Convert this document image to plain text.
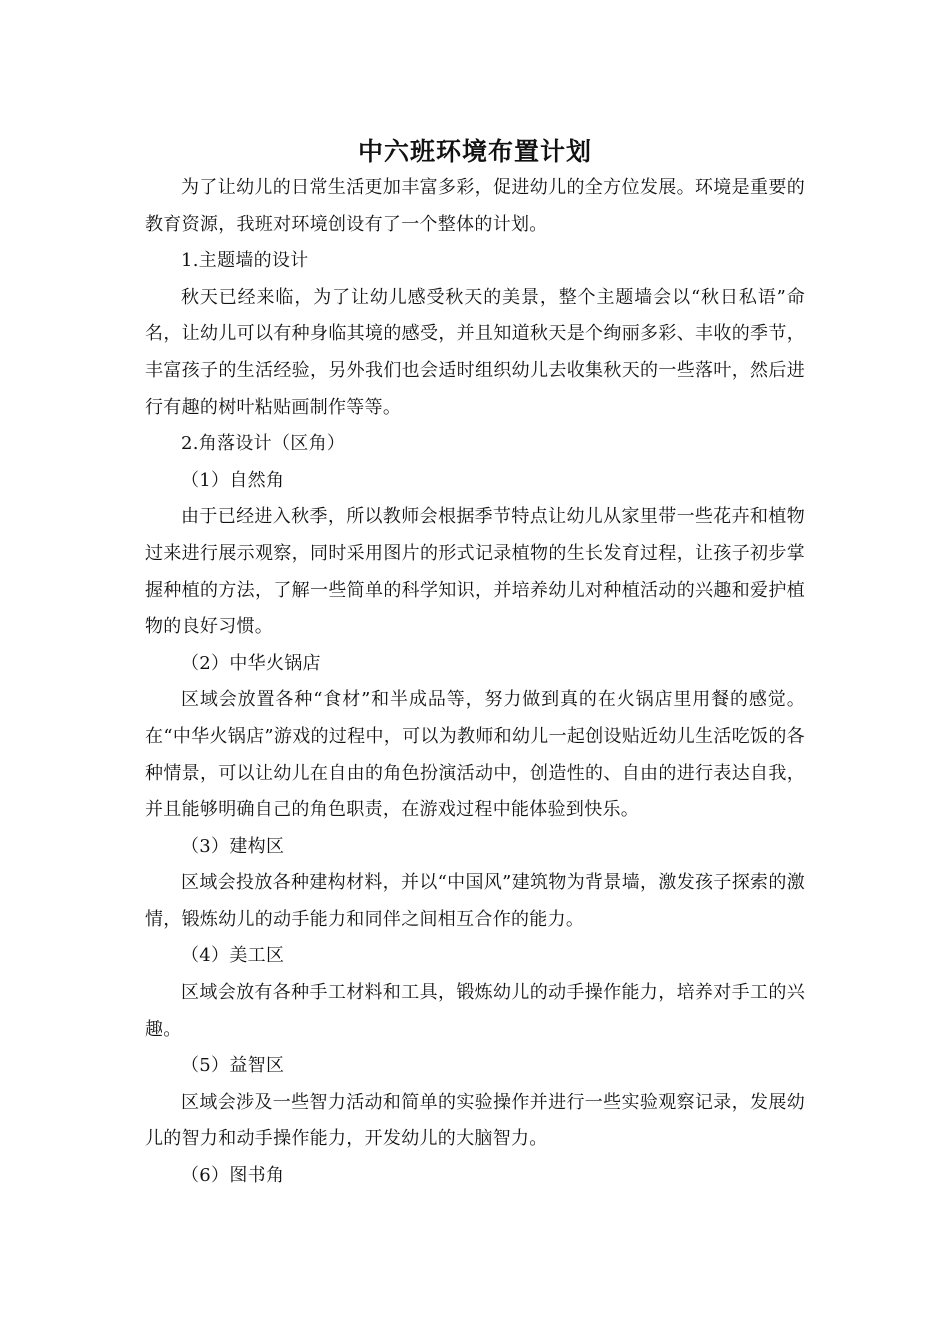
中六班环境布置计划

为了让幼儿的日常生活更加丰富多彩，促进幼儿的全方位发展。环境是重要的教育资源，我班对环境创设有了一个整体的计划。

1.主题墙的设计

秋天已经来临，为了让幼儿感受秋天的美景，整个主题墙会以“秋日私语”命名，让幼儿可以有种身临其境的感受，并且知道秋天是个绚丽多彩、丰收的季节，丰富孩子的生活经验，另外我们也会适时组织幼儿去收集秋天的一些落叶，然后进行有趣的树叶粘贴画制作等等。

2.角落设计（区角）

（1）自然角

由于已经进入秋季，所以教师会根据季节特点让幼儿从家里带一些花卉和植物过来进行展示观察，同时采用图片的形式记录植物的生长发育过程，让孩子初步掌握种植的方法，了解一些简单的科学知识，并培养幼儿对种植活动的兴趣和爱护植物的良好习惯。

（2）中华火锅店

区域会放置各种“食材”和半成品等，努力做到真的在火锅店里用餐的感觉。在“中华火锅店”游戏的过程中，可以为教师和幼儿一起创设贴近幼儿生活吃饭的各种情景，可以让幼儿在自由的角色扮演活动中，创造性的、自由的进行表达自我，并且能够明确自己的角色职责，在游戏过程中能体验到快乐。

（3）建构区

区域会投放各种建构材料，并以“中国风”建筑物为背景墙，激发孩子探索的激情，锻炼幼儿的动手能力和同伴之间相互合作的能力。

（4）美工区

区域会放有各种手工材料和工具，锻炼幼儿的动手操作能力，培养对手工的兴趣。

（5）益智区

区域会涉及一些智力活动和简单的实验操作并进行一些实验观察记录，发展幼儿的智力和动手操作能力，开发幼儿的大脑智力。

（6）图书角
